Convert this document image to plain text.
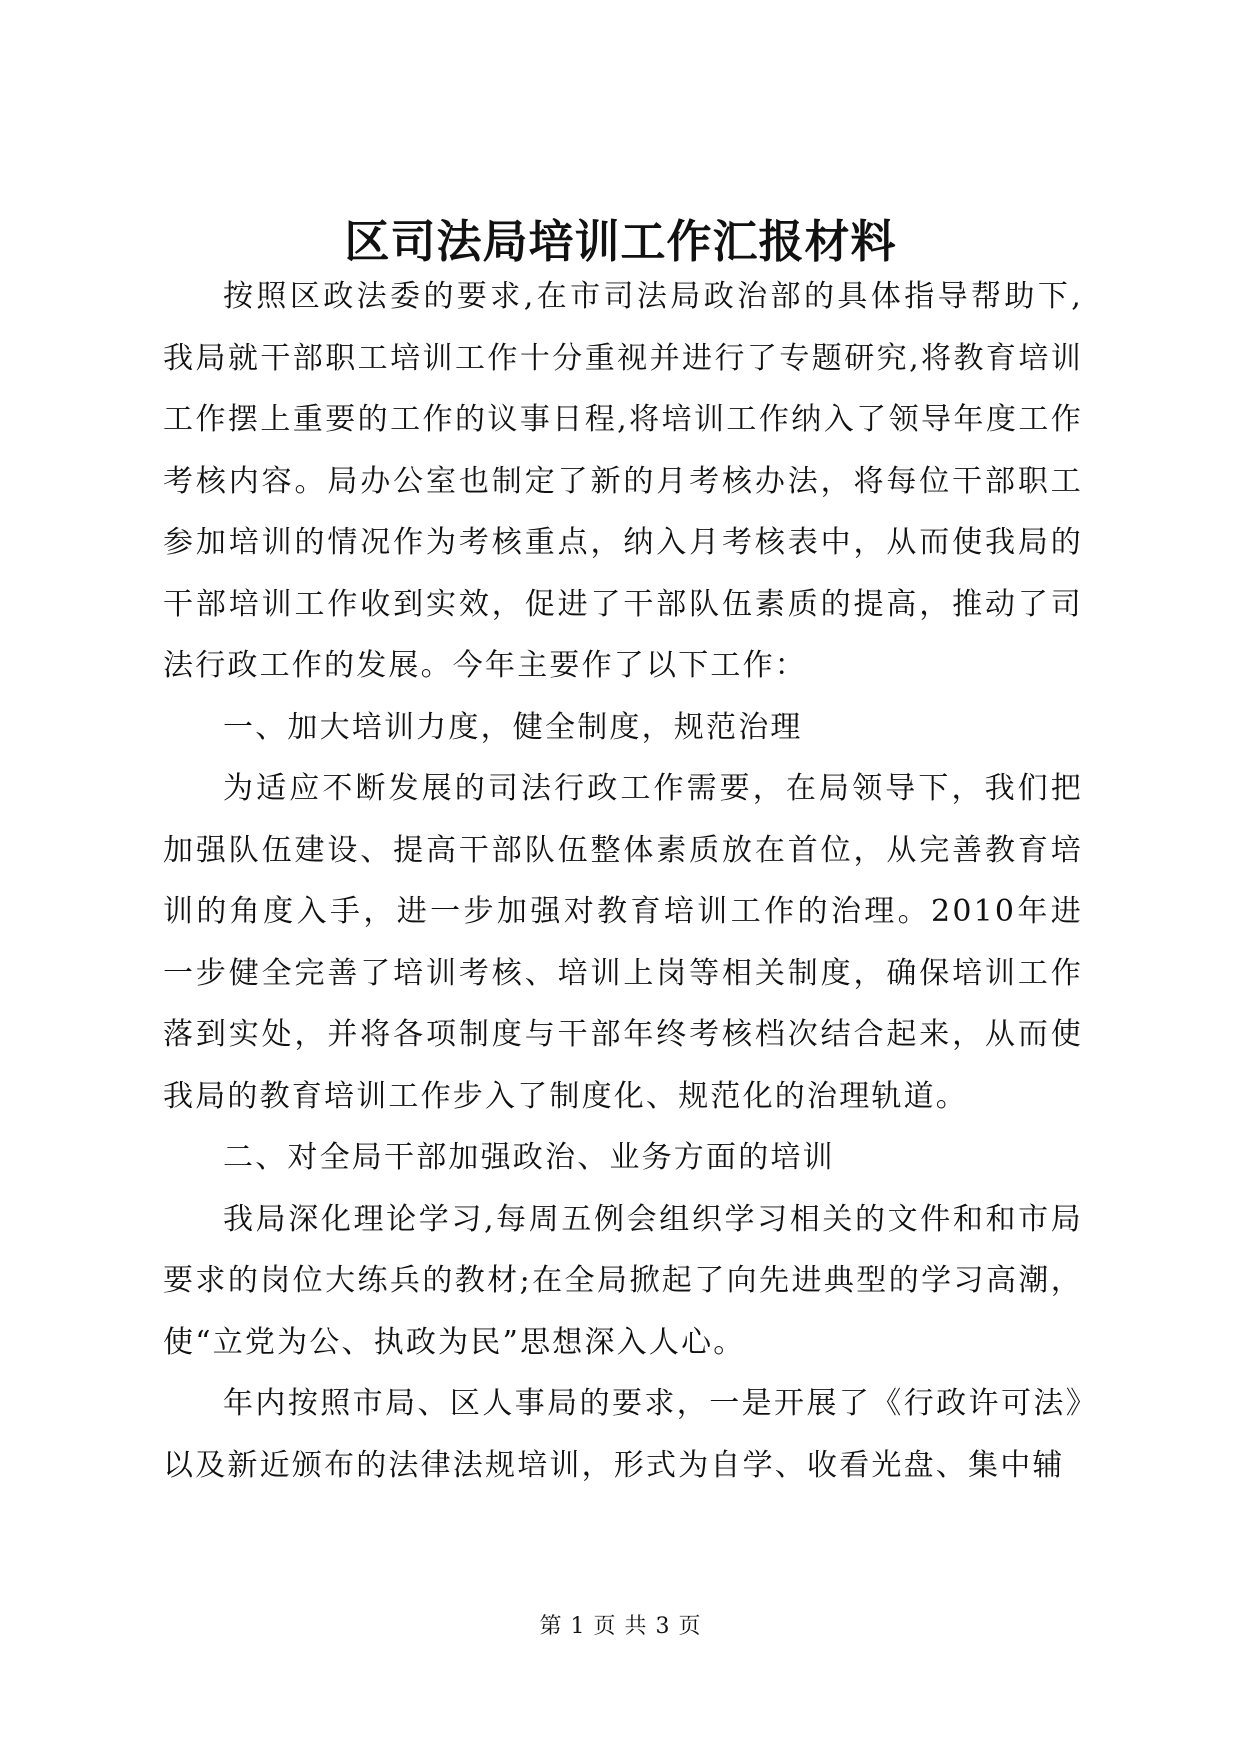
区司法局培训工作汇报材料

按照区政法委的要求,在市司法局政治部的具体指导帮助下,我局就干部职工培训工作十分重视并进行了专题研究,将教育培训工作摆上重要的工作的议事日程,将培训工作纳入了领导年度工作考核内容。局办公室也制定了新的月考核办法，将每位干部职工参加培训的情况作为考核重点，纳入月考核表中，从而使我局的干部培训工作收到实效，促进了干部队伍素质的提高，推动了司法行政工作的发展。今年主要作了以下工作：

一、加大培训力度，健全制度，规范治理

为适应不断发展的司法行政工作需要，在局领导下，我们把加强队伍建设、提高干部队伍整体素质放在首位，从完善教育培训的角度入手，进一步加强对教育培训工作的治理。2010年进一步健全完善了培训考核、培训上岗等相关制度，确保培训工作落到实处，并将各项制度与干部年终考核档次结合起来，从而使我局的教育培训工作步入了制度化、规范化的治理轨道。

二、对全局干部加强政治、业务方面的培训

我局深化理论学习,每周五例会组织学习相关的文件和和市局要求的岗位大练兵的教材;在全局掀起了向先进典型的学习高潮，使“立党为公、执政为民”思想深入人心。

年内按照市局、区人事局的要求，一是开展了《行政许可法》以及新近颁布的法律法规培训，形式为自学、收看光盘、集中辅

第 1 页 共 3 页
